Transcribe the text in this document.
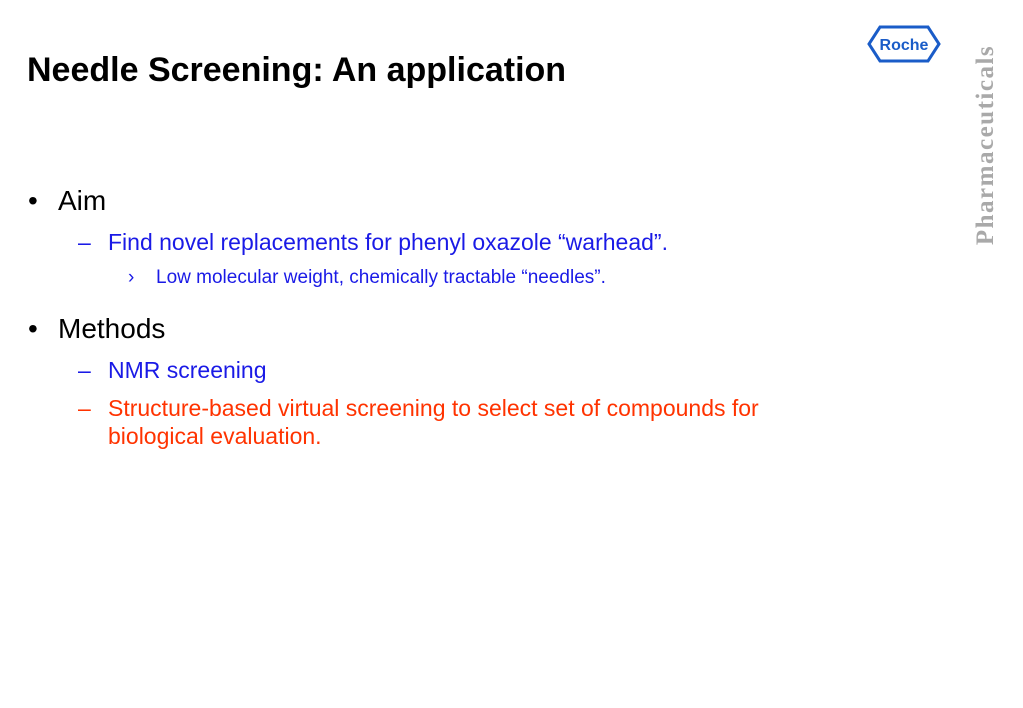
Needle Screening: An application
Roche Pharmaceuticals
• Aim
– Find novel replacements for phenyl oxazole “warhead”.
› Low molecular weight, chemically tractable “needles”.
• Methods
– NMR screening
– Structure-based virtual screening to select set of compounds for
biological evaluation.
